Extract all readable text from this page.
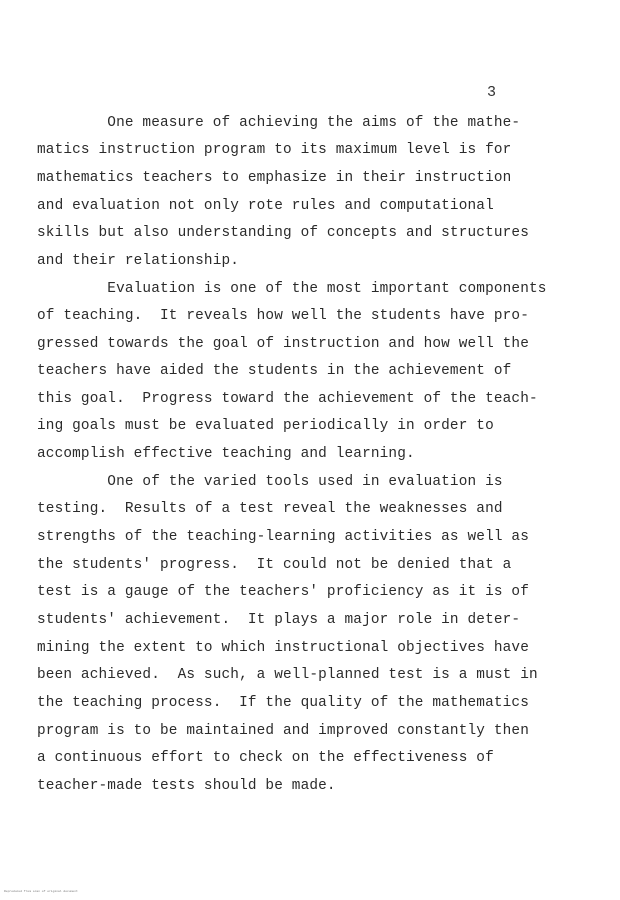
3
One measure of achieving the aims of the mathe-
matics instruction program to its maximum level is for
mathematics teachers to emphasize in their instruction
and evaluation not only rote rules and computational
skills but also understanding of concepts and structures
and their relationship.
Evaluation is one of the most important components
of teaching.  It reveals how well the students have pro-
gressed towards the goal of instruction and how well the
teachers have aided the students in the achievement of
this goal.  Progress toward the achievement of the teach-
ing goals must be evaluated periodically in order to
accomplish effective teaching and learning.
One of the varied tools used in evaluation is
testing.  Results of a test reveal the weaknesses and
strengths of the teaching-learning activities as well as
the students' progress.  It could not be denied that a
test is a gauge of the teachers' proficiency as it is of
students' achievement.  It plays a major role in deter-
mining the extent to which instructional objectives have
been achieved.  As such, a well-planned test is a must in
the teaching process.  If the quality of the mathematics
program is to be maintained and improved constantly then
a continuous effort to check on the effectiveness of
teacher-made tests should be made.
Reproduced from scan of original document
